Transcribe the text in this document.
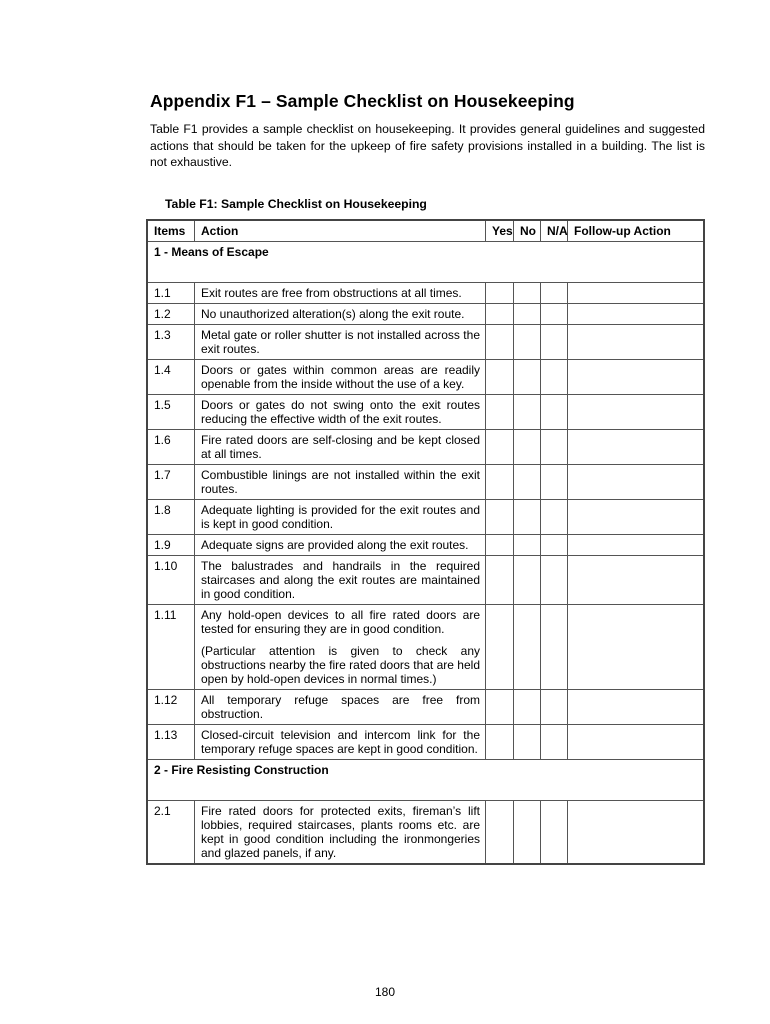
Appendix F1 – Sample Checklist on Housekeeping

Table F1 provides a sample checklist on housekeeping. It provides general guidelines and suggested actions that should be taken for the upkeep of fire safety provisions installed in a building. The list is not exhaustive.

Table F1: Sample Checklist on Housekeeping
Items	Action	Yes	No	N/A	Follow-up Action
1 - Means of Escape					
1.1	Exit routes are free from obstructions at all times.				
1.2	No unauthorized alteration(s) along the exit route.				
1.3	Metal gate or roller shutter is not installed across the exit routes.				
1.4	Doors or gates within common areas are readily openable from the inside without the use of a key.				
1.5	Doors or gates do not swing onto the exit routes reducing the effective width of the exit routes.				
1.6	Fire rated doors are self-closing and be kept closed at all times.				
1.7	Combustible linings are not installed within the exit routes.				
1.8	Adequate lighting is provided for the exit routes and is kept in good condition.				
1.9	Adequate signs are provided along the exit routes.				
1.10	The balustrades and handrails in the required staircases and along the exit routes are maintained in good condition.				
1.11	Any hold-open devices to all fire rated doors are tested for ensuring they are in good condition.
(Particular attention is given to check any obstructions nearby the fire rated doors that are held open by hold-open devices in normal times.)				

1.12	All temporary refuge spaces are free from obstruction.				
1.13	Closed-circuit television and intercom link for the temporary refuge spaces are kept in good condition.				
2 - Fire Resisting Construction					
2.1	Fire rated doors for protected exits, fireman’s lift lobbies, required staircases, plants rooms etc. are kept in good condition including the ironmongeries and glazed panels, if any.				
180
